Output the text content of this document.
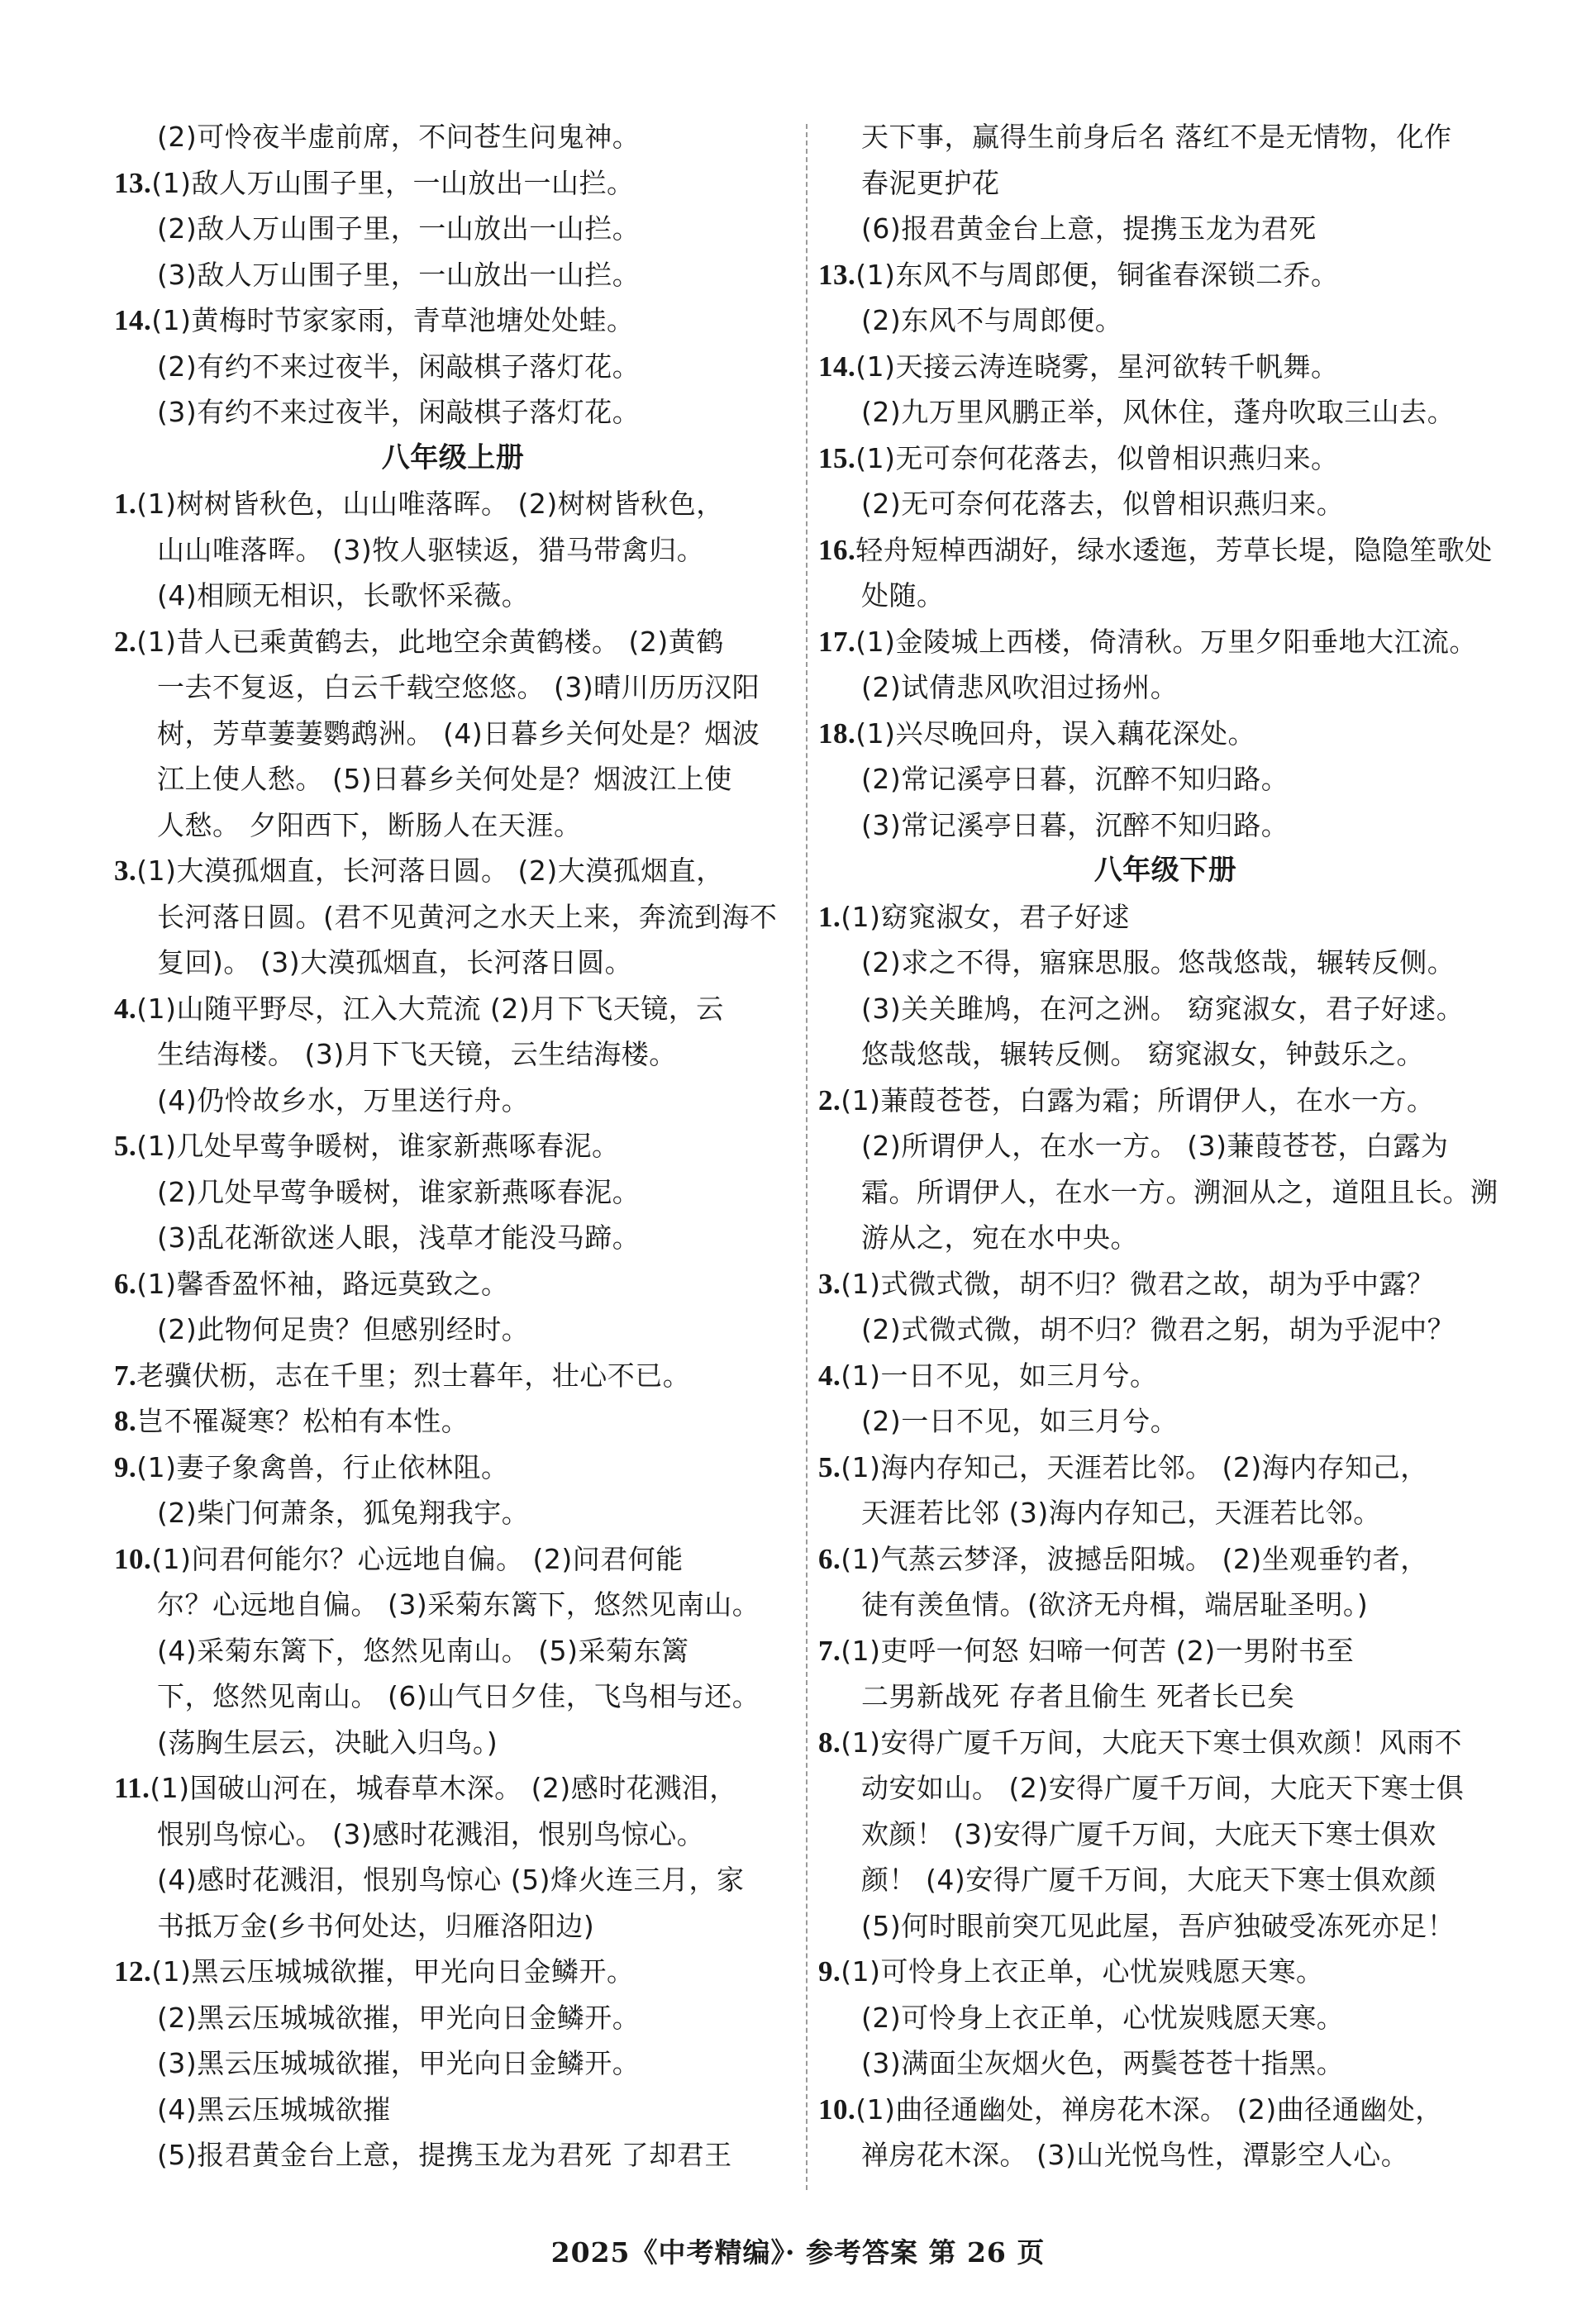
(2)可怜夜半虚前席，不问苍生问鬼神。
13.(1)敌人万山围子里，一山放出一山拦。
(2)敌人万山围子里，一山放出一山拦。
(3)敌人万山围子里，一山放出一山拦。
14.(1)黄梅时节家家雨，青草池塘处处蛙。
(2)有约不来过夜半，闲敲棋子落灯花。
(3)有约不来过夜半，闲敲棋子落灯花。
八年级上册
1.(1)树树皆秋色，山山唯落晖。 (2)树树皆秋色，
山山唯落晖。 (3)牧人驱犊返，猎马带禽归。
(4)相顾无相识，长歌怀采薇。
2.(1)昔人已乘黄鹤去，此地空余黄鹤楼。 (2)黄鹤
一去不复返，白云千载空悠悠。 (3)晴川历历汉阳
树，芳草萋萋鹦鹉洲。 (4)日暮乡关何处是？烟波
江上使人愁。 (5)日暮乡关何处是？烟波江上使
人愁。 夕阳西下，断肠人在天涯。
3.(1)大漠孤烟直，长河落日圆。 (2)大漠孤烟直，
长河落日圆。(君不见黄河之水天上来，奔流到海不
复回)。 (3)大漠孤烟直，长河落日圆。
4.(1)山随平野尽，江入大荒流 (2)月下飞天镜，云
生结海楼。 (3)月下飞天镜，云生结海楼。
(4)仍怜故乡水，万里送行舟。
5.(1)几处早莺争暖树，谁家新燕啄春泥。
(2)几处早莺争暖树，谁家新燕啄春泥。
(3)乱花渐欲迷人眼，浅草才能没马蹄。
6.(1)馨香盈怀袖，路远莫致之。
(2)此物何足贵？但感别经时。
7.老骥伏枥，志在千里；烈士暮年，壮心不已。
8.岂不罹凝寒？松柏有本性。
9.(1)妻子象禽兽，行止依林阻。
(2)柴门何萧条，狐兔翔我宇。
10.(1)问君何能尔？心远地自偏。 (2)问君何能
尔？心远地自偏。 (3)采菊东篱下，悠然见南山。
(4)采菊东篱下，悠然见南山。 (5)采菊东篱
下，悠然见南山。 (6)山气日夕佳，飞鸟相与还。
(荡胸生层云，决眦入归鸟。)
11.(1)国破山河在，城春草木深。 (2)感时花溅泪，
恨别鸟惊心。 (3)感时花溅泪，恨别鸟惊心。
(4)感时花溅泪，恨别鸟惊心 (5)烽火连三月，家
书抵万金(乡书何处达，归雁洛阳边)
12.(1)黑云压城城欲摧，甲光向日金鳞开。
(2)黑云压城城欲摧，甲光向日金鳞开。
(3)黑云压城城欲摧，甲光向日金鳞开。
(4)黑云压城城欲摧
(5)报君黄金台上意，提携玉龙为君死 了却君王
天下事，赢得生前身后名 落红不是无情物，化作
春泥更护花
(6)报君黄金台上意，提携玉龙为君死
13.(1)东风不与周郎便，铜雀春深锁二乔。
(2)东风不与周郎便。
14.(1)天接云涛连晓雾，星河欲转千帆舞。
(2)九万里风鹏正举，风休住，蓬舟吹取三山去。
15.(1)无可奈何花落去，似曾相识燕归来。
(2)无可奈何花落去，似曾相识燕归来。
16.轻舟短棹西湖好，绿水逶迤，芳草长堤，隐隐笙歌处
处随。
17.(1)金陵城上西楼，倚清秋。万里夕阳垂地大江流。
(2)试倩悲风吹泪过扬州。
18.(1)兴尽晚回舟，误入藕花深处。
(2)常记溪亭日暮，沉醉不知归路。
(3)常记溪亭日暮，沉醉不知归路。
八年级下册
1.(1)窈窕淑女，君子好逑
(2)求之不得，寤寐思服。悠哉悠哉，辗转反侧。
(3)关关雎鸠，在河之洲。 窈窕淑女，君子好逑。
悠哉悠哉，辗转反侧。 窈窕淑女，钟鼓乐之。
2.(1)蒹葭苍苍，白露为霜；所谓伊人，在水一方。
(2)所谓伊人，在水一方。 (3)蒹葭苍苍，白露为
霜。所谓伊人，在水一方。溯洄从之，道阻且长。溯
游从之，宛在水中央。
3.(1)式微式微，胡不归？微君之故，胡为乎中露？
(2)式微式微，胡不归？微君之躬，胡为乎泥中？
4.(1)一日不见，如三月兮。
(2)一日不见，如三月兮。
5.(1)海内存知己，天涯若比邻。 (2)海内存知己，
天涯若比邻 (3)海内存知己，天涯若比邻。
6.(1)气蒸云梦泽，波撼岳阳城。 (2)坐观垂钓者，
徒有羡鱼情。(欲济无舟楫，端居耻圣明。)
7.(1)吏呼一何怒 妇啼一何苦 (2)一男附书至
二男新战死 存者且偷生 死者长已矣
8.(1)安得广厦千万间，大庇天下寒士俱欢颜！风雨不
动安如山。 (2)安得广厦千万间，大庇天下寒士俱
欢颜！ (3)安得广厦千万间，大庇天下寒士俱欢
颜！ (4)安得广厦千万间，大庇天下寒士俱欢颜
(5)何时眼前突兀见此屋，吾庐独破受冻死亦足！
9.(1)可怜身上衣正单，心忧炭贱愿天寒。
(2)可怜身上衣正单，心忧炭贱愿天寒。
(3)满面尘灰烟火色，两鬓苍苍十指黑。
10.(1)曲径通幽处，禅房花木深。 (2)曲径通幽处，
禅房花木深。 (3)山光悦鸟性，潭影空人心。
2025《中考精编》· 参考答案 第 26 页
